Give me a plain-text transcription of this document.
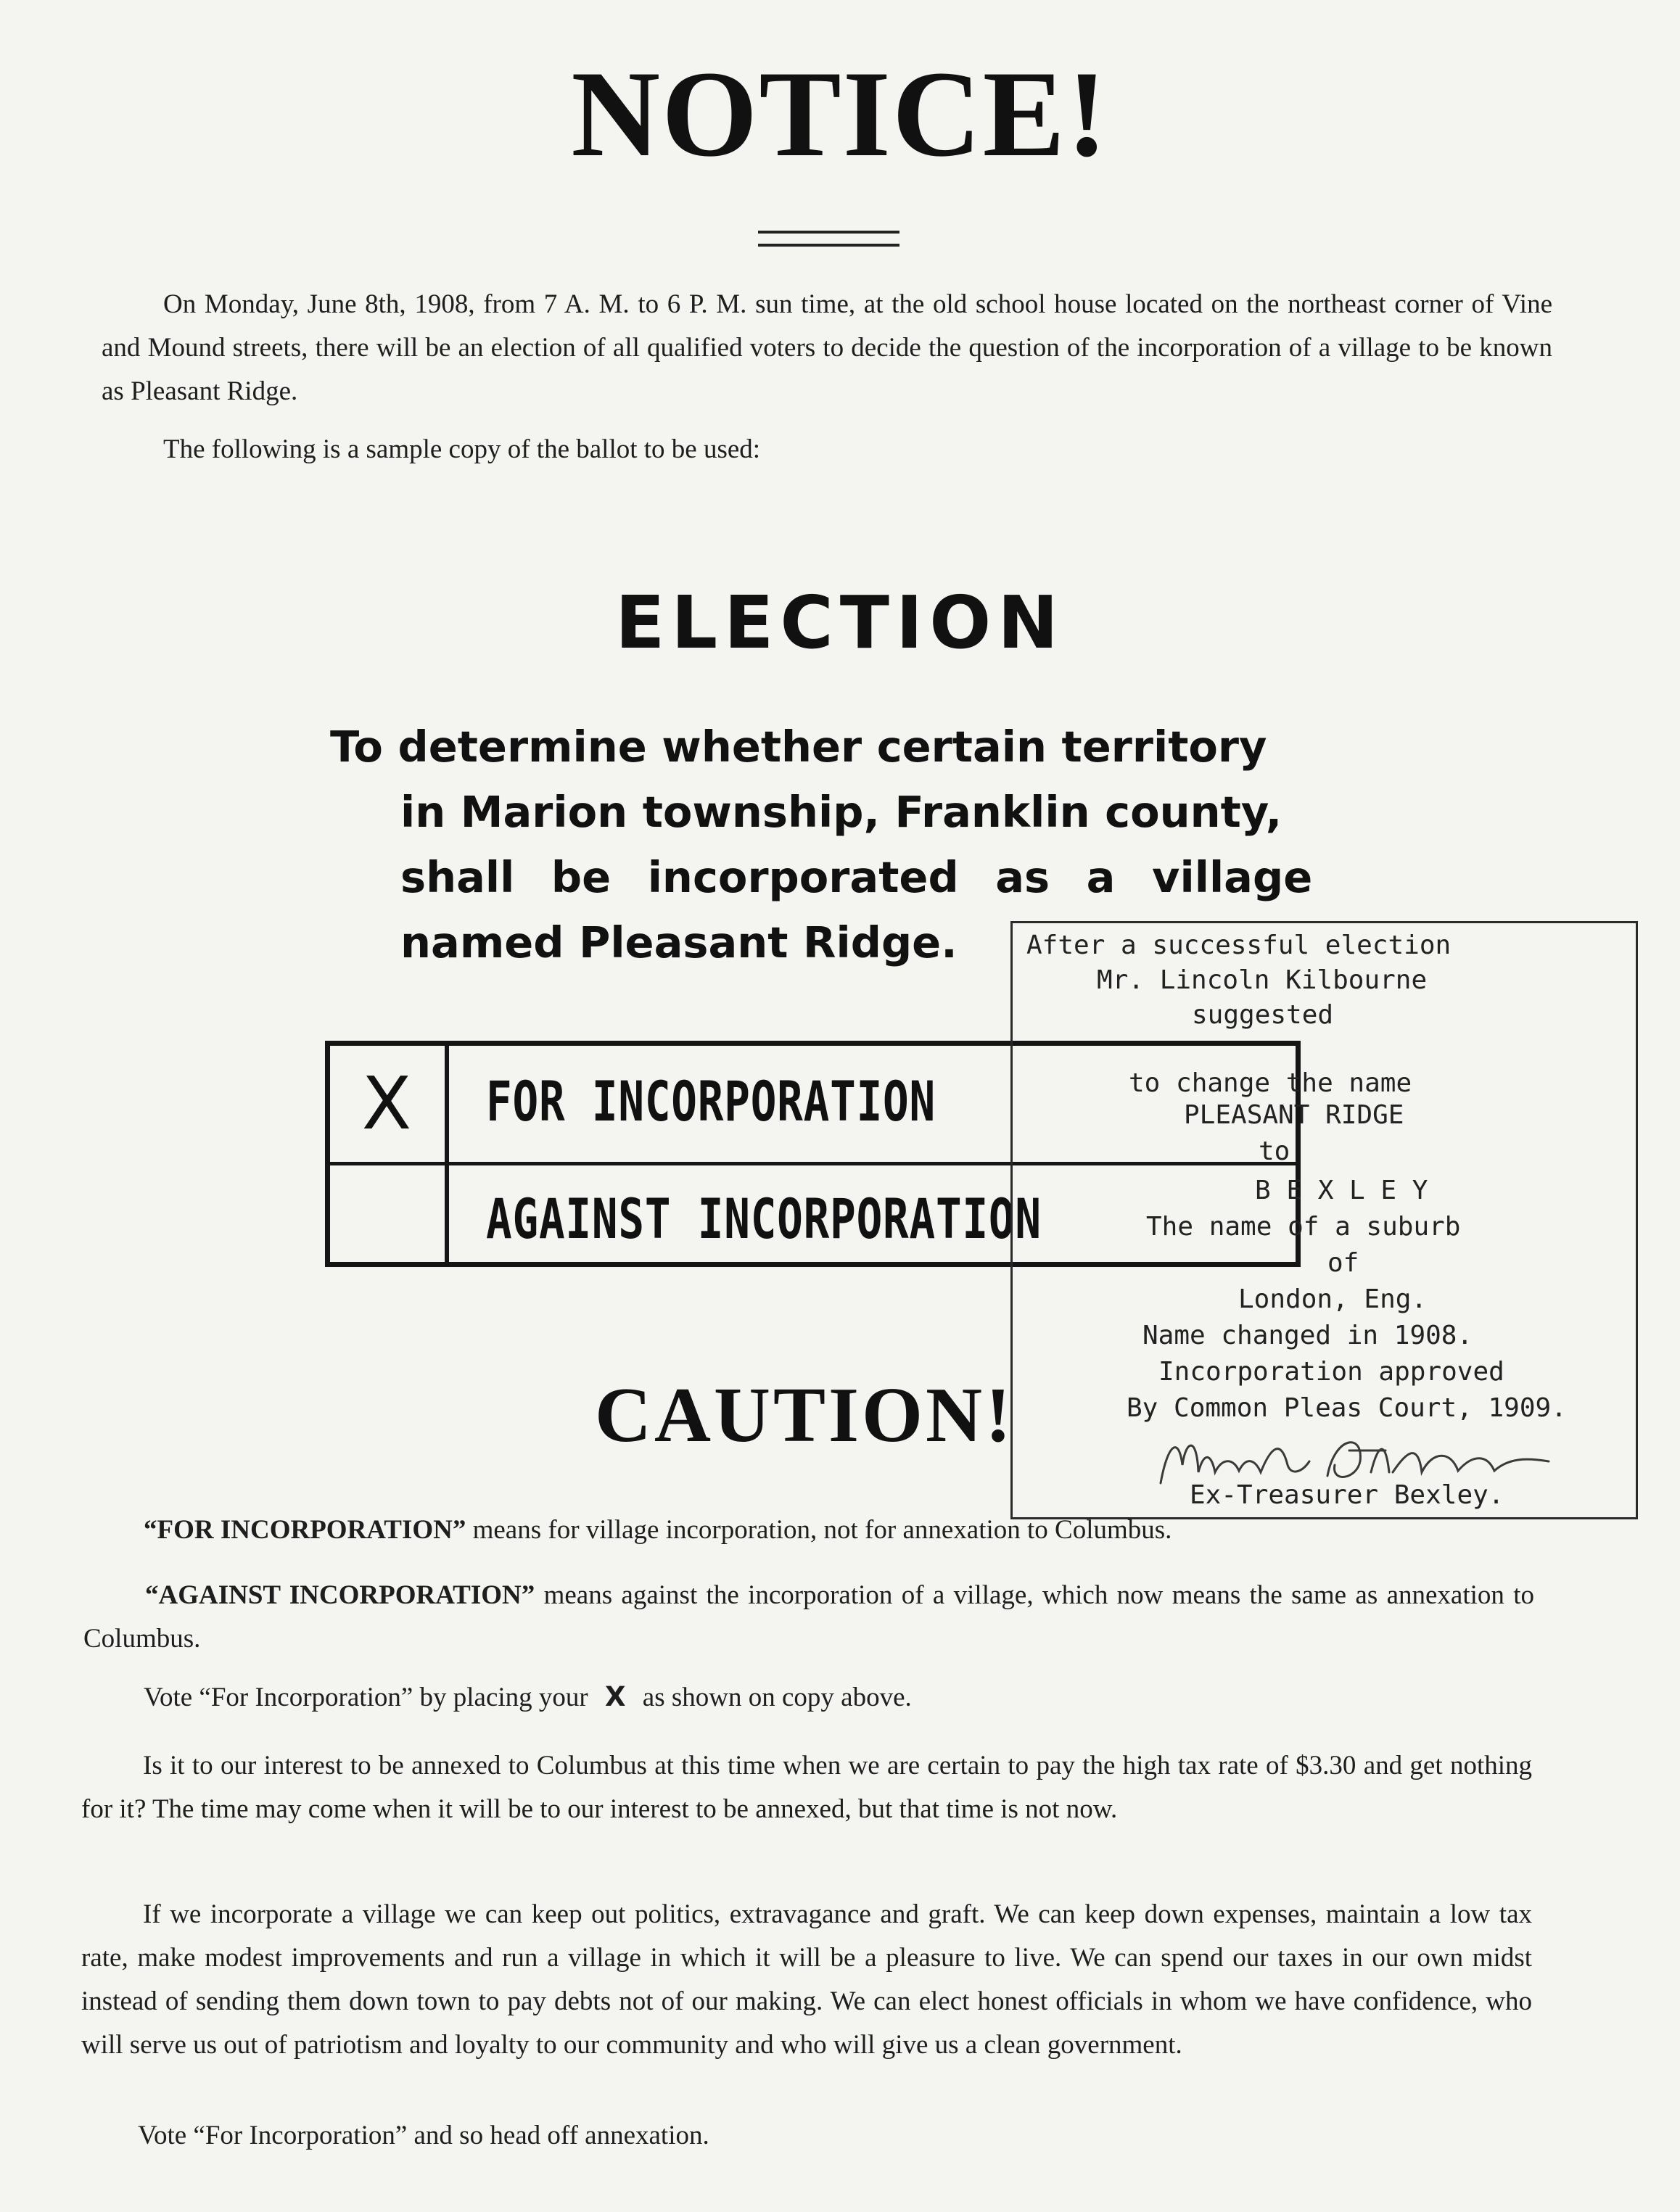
NOTICE!
On Monday, June 8th, 1908, from 7 A. M. to 6 P. M. sun time, at the old school house located on the northeast corner of Vine and Mound streets, there will be an election of all qualified voters to decide the question of the incorporation of a village to be known as Pleasant Ridge.
The following is a sample copy of the ballot to be used:
ELECTION
To determine whether certain territory
in Marion township, Franklin county,
shall be incorporated as a village
named Pleasant Ridge.
X FOR INCORPORATION
AGAINST INCORPORATION
After a successful election
Mr. Lincoln Kilbourne
suggested
to change the name
PLEASANT RIDGE
to
B E X L E Y
The name of a suburb
of
London, Eng.
Name changed in 1908.
Incorporation approved
By Common Pleas Court, 1909.
Ex-Treasurer Bexley.
CAUTION!
“FOR INCORPORATION” means for village incorporation, not for annexation to Columbus.
“AGAINST INCORPORATION” means against the incorporation of a village, which now means the same as annexation to Columbus.
Vote “For Incorporation” by placing your X as shown on copy above.
Is it to our interest to be annexed to Columbus at this time when we are certain to pay the high tax rate of $3.30 and get nothing for it? The time may come when it will be to our interest to be annexed, but that time is not now.
If we incorporate a village we can keep out politics, extravagance and graft. We can keep down expenses, maintain a low tax rate, make modest improvements and run a village in which it will be a pleasure to live. We can spend our taxes in our own midst instead of sending them down town to pay debts not of our making. We can elect honest officials in whom we have confidence, who will serve us out of patriotism and loyalty to our community and who will give us a clean government.
Vote “For Incorporation” and so head off annexation.
